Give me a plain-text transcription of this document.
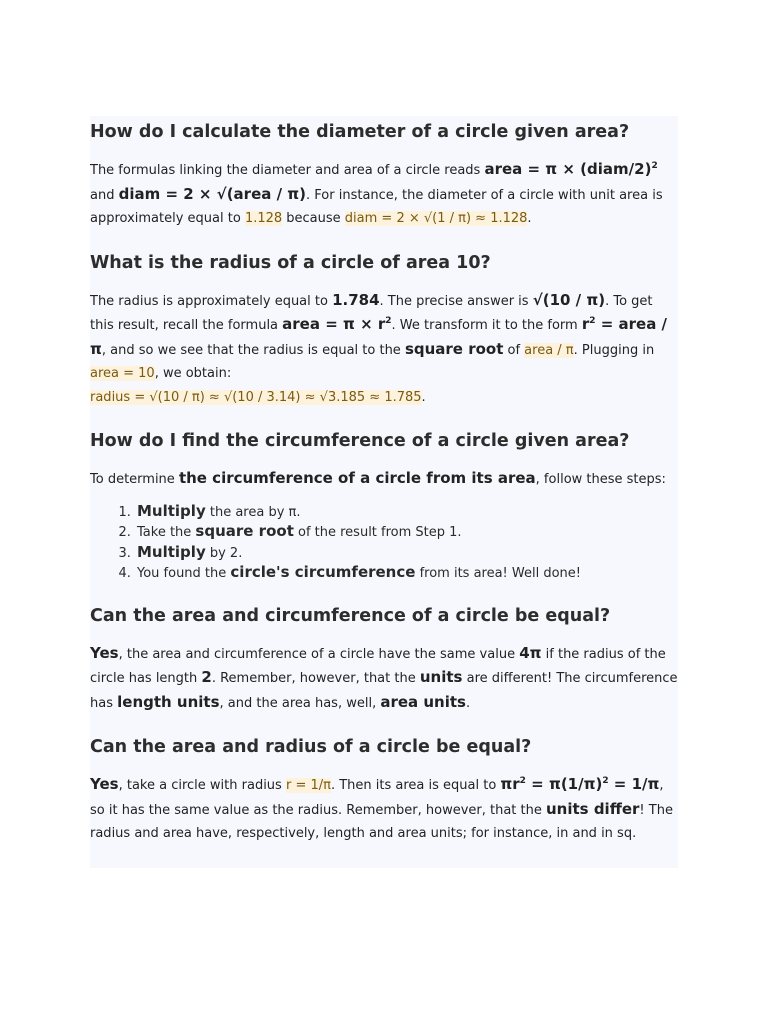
How do I calculate the diameter of a circle given area?

The formulas linking the diameter and area of a circle reads area = π × (diam/2)$^2$ and diam = 2 × √(area / π). For instance, the diameter of a circle with unit area is approximately equal to 1.128 because diam = 2 × √(1 / π) ≈ 1.128.

What is the radius of a circle of area 10?

The radius is approximately equal to 1.784. The precise answer is √(10 / π). To get this result, recall the formula area = $\pi \times r^2$. We transform it to the form $r^2$ = area / π, and so we see that the radius is equal to the square root of area / π. Plugging in area = 10, we obtain:
radius = √(10 / π) ≈ √(10 / 3.14) ≈ √3.185 ≈ 1.785.

How do I find the circumference of a circle given area?

To determine the circumference of a circle from its area, follow these steps:

1. Multiply the area by π.
2. Take the square root of the result from Step 1.
3. Multiply by 2.
4. You found the circle's circumference from its area! Well done!
Can the area and circumference of a circle be equal?

Yes, the area and circumference of a circle have the same value 4π if the radius of the circle has length 2. Remember, however, that the units are different! The circumference has length units, and the area has, well, area units.

Can the area and radius of a circle be equal?

Yes, take a circle with radius r = 1/π. Then its area is equal to $\pi r^2 = \pi(1/\pi)^2 = 1/\pi$, so it has the same value as the radius. Remember, however, that the units differ! The radius and area have, respectively, length and area units; for instance, in and in sq.
